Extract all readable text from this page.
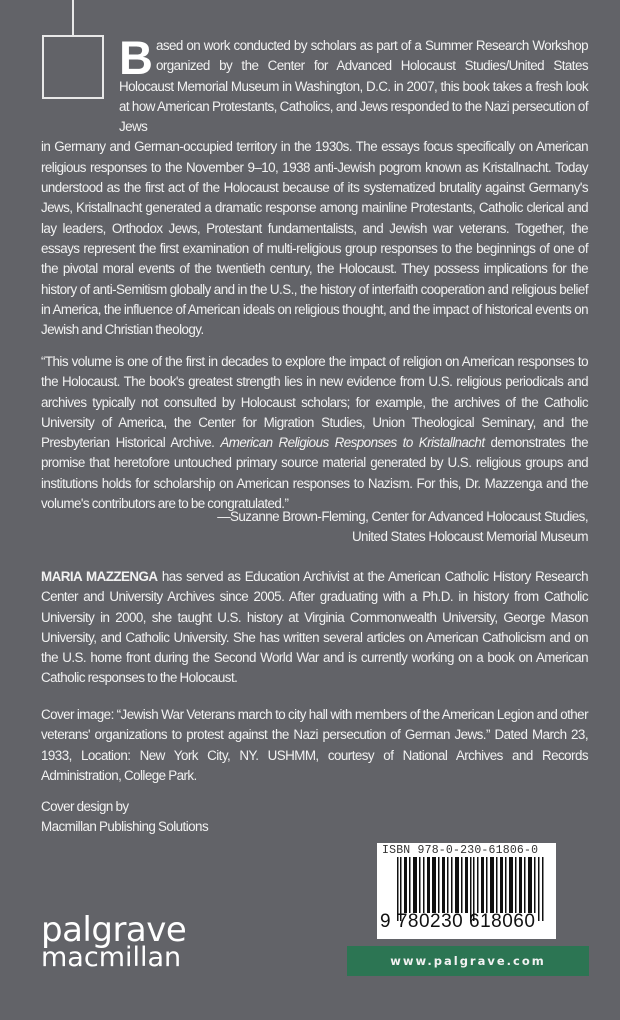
Based on work conducted by scholars as part of a Summer Research Workshop organized by the Center for Advanced Holocaust Studies/United States Holocaust Memorial Museum in Washington, D.C. in 2007, this book takes a fresh look at how American Protestants, Catholics, and Jews responded to the Nazi persecution of Jews
in Germany and German-occupied territory in the 1930s. The essays focus specifically on American religious responses to the November 9–10, 1938 anti-Jewish pogrom known as Kristallnacht. Today understood as the first act of the Holocaust because of its systematized brutality against Germany's Jews, Kristallnacht generated a dramatic response among mainline Protestants, Catholic clerical and lay leaders, Orthodox Jews, Protestant fundamentalists, and Jewish war veterans. Together, the essays represent the first examination of multi-religious group responses to the beginnings of one of the pivotal moral events of the twentieth century, the Holocaust. They possess implications for the history of anti-Semitism globally and in the U.S., the history of interfaith cooperation and religious belief in America, the influence of American ideals on religious thought, and the impact of historical events on Jewish and Christian theology.
“This volume is one of the first in decades to explore the impact of religion on American responses to the Holocaust. The book's greatest strength lies in new evidence from U.S. religious periodicals and archives typically not consulted by Holocaust scholars; for example, the archives of the Catholic University of America, the Center for Migration Studies, Union Theological Seminary, and the Presbyterian Historical Archive. American Religious Responses to Kristallnacht demonstrates the promise that heretofore untouched primary source material generated by U.S. religious groups and institutions holds for scholarship on American responses to Nazism. For this, Dr. Mazzenga and the volume's contributors are to be congratulated.”
—Suzanne Brown-Fleming, Center for Advanced Holocaust Studies,
United States Holocaust Memorial Museum
MARIA MAZZENGA has served as Education Archivist at the American Catholic History Research Center and University Archives since 2005. After graduating with a Ph.D. in history from Catholic University in 2000, she taught U.S. history at Virginia Commonwealth University, George Mason University, and Catholic University. She has written several articles on American Catholicism and on the U.S. home front during the Second World War and is currently working on a book on American Catholic responses to the Holocaust.
Cover image: “Jewish War Veterans march to city hall with members of the American Legion and other veterans' organizations to protest against the Nazi persecution of German Jews.” Dated March 23, 1933, Location: New York City, NY. USHMM, courtesy of National Archives and Records Administration, College Park.
Cover design by
Macmillan Publishing Solutions
palgrave
macmillan
ISBN 978-0-230-61806-0
9 780230 618060
www.palgrave.com
